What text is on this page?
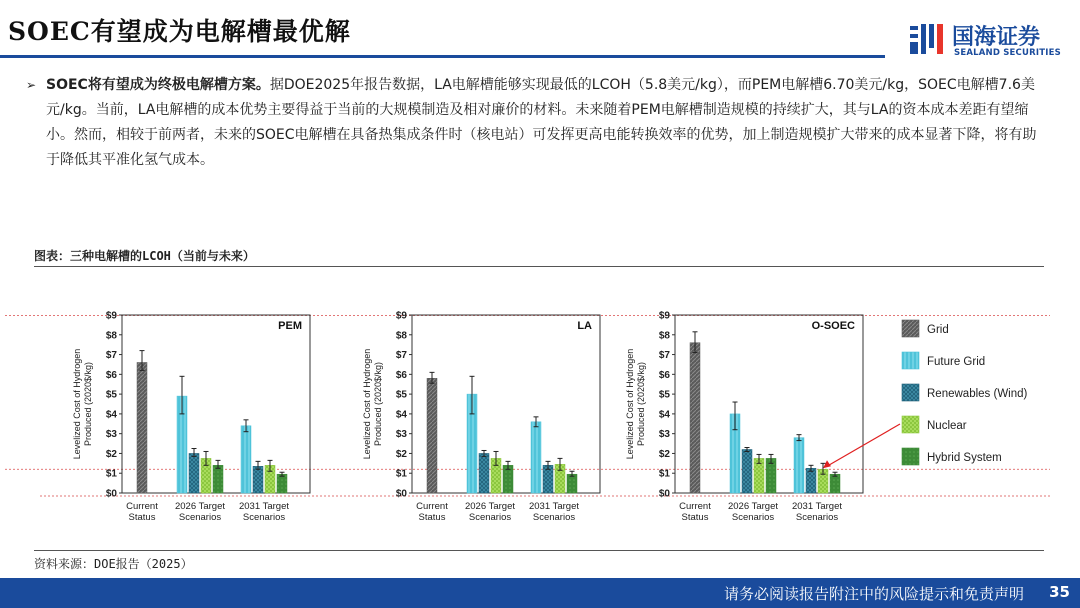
SOEC有望成为电解槽最优解	国海证券
SEALAND SECURITIES
➢ SOEC将有望成为终极电解槽方案。据DOE2025年报告数据，LA电解槽能够实现最低的LCOH（5.8美元/kg），而PEM电解槽6.70美元/kg，SOEC电解槽7.6美元/kg。当前，LA电解槽的成本优势主要得益于当前的大规模制造及相对廉价的材料。未来随着PEM电解槽制造规模的持续扩大，其与LA的资本成本差距有望缩小。然而，相较于前两者，未来的SOEC电解槽在具备热集成条件时（核电站）可发挥更高电能转换效率的优势，加上制造规模扩大带来的成本显著下降，将有助于降低其平准化氢气成本。
图表：三种电解槽的LCOH（当前与未来）
$0
$1
$2
$3
$4
$5
$6
$7
$8
$9
Levelized Cost of HydrogenProduced (2020$/kg)
PEM
Current Status
2026 Target Scenarios
2031 Target Scenarios
$0
$1
$2
$3
$4
$5
$6
$7
$8
$9
Levelized Cost of HydrogenProduced (2020$/kg)
LA
Current Status
2026 Target Scenarios
2031 Target Scenarios
$0
$1
$2
$3
$4
$5
$6
$7
$8
$9
Levelized Cost of HydrogenProduced (2020$/kg)
O-SOEC
Current Status
2026 Target Scenarios
2031 Target Scenarios
Grid
Future Grid
Renewables (Wind)
Nuclear
Hybrid System
资料来源：DOE报告（2025）
请务必阅读报告附注中的风险提示和免责声明 35
